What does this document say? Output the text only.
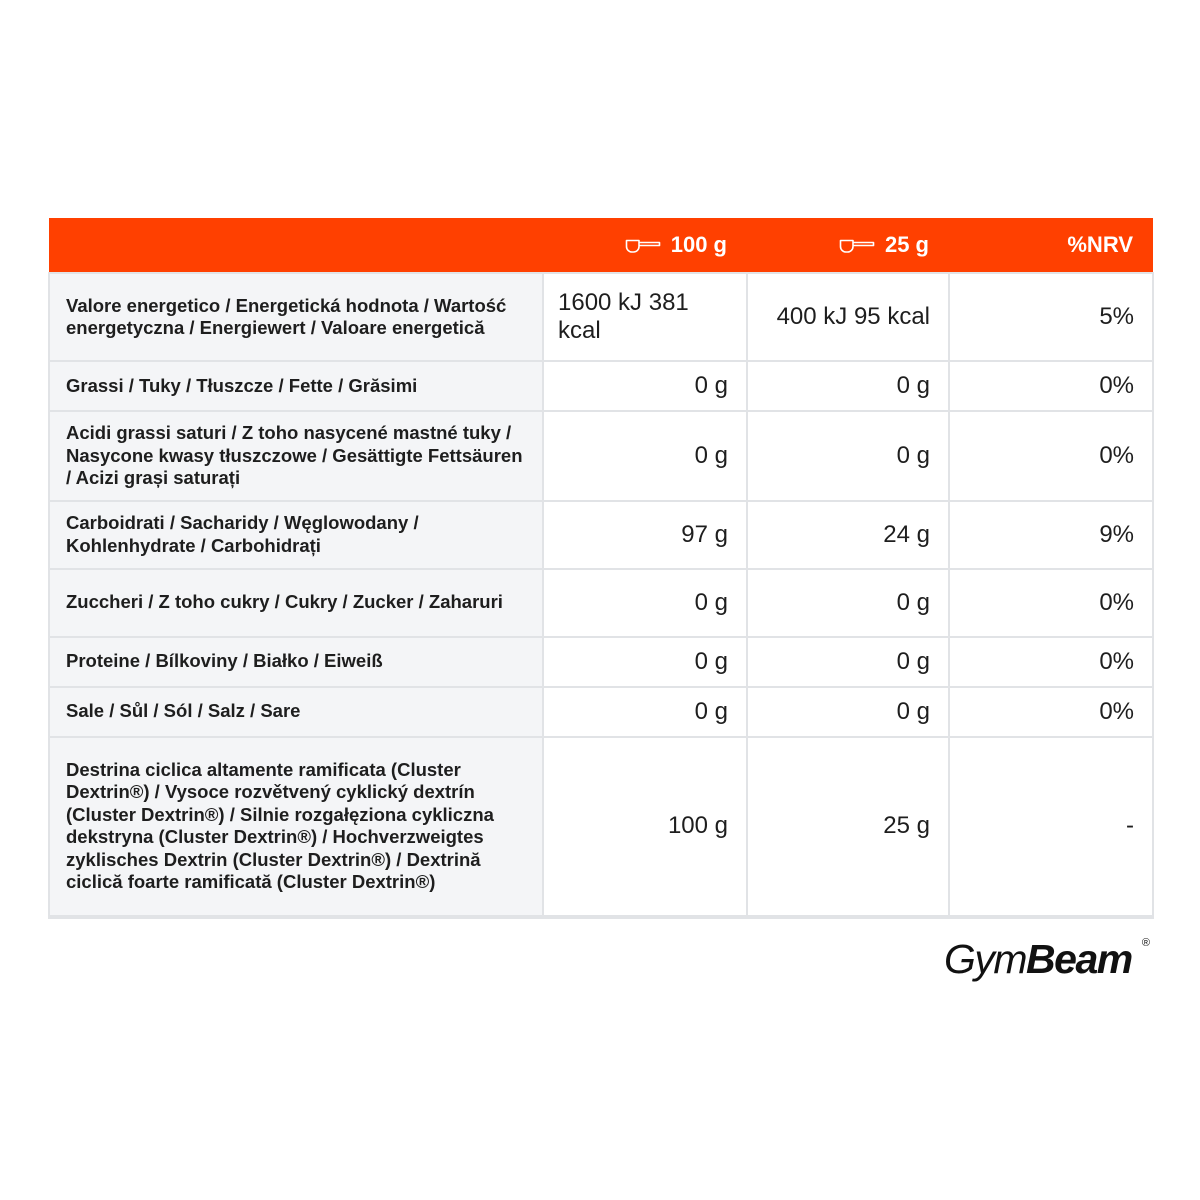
	100 g	25 g	%NRV
Valore energetico / Energetická hodnota / Wartość energetyczna / Energiewert / Valoare energetică	1600 kJ 381 kcal	400 kJ 95 kcal	5%
Grassi / Tuky / Tłuszcze / Fette / Grăsimi	0 g	0 g	0%
Acidi grassi saturi / Z toho nasycené mastné tuky / Nasycone kwasy tłuszczowe / Gesättigte Fettsäuren / Acizi grași saturați	0 g	0 g	0%
Carboidrati / Sacharidy / Węglowodany / Kohlenhydrate / Carbohidrați	97 g	24 g	9%
Zuccheri / Z toho cukry / Cukry / Zucker / Zaharuri	0 g	0 g	0%
Proteine / Bílkoviny / Białko / Eiweiß	0 g	0 g	0%
Sale / Sůl / Sól / Salz / Sare	0 g	0 g	0%
Destrina ciclica altamente ramificata (Cluster Dextrin®) / Vysoce rozvětvený cyklický dextrín (Cluster Dextrin®) / Silnie rozgałęziona cykliczna dekstryna (Cluster Dextrin®) / Hochverzweigtes zyklisches Dextrin (Cluster Dextrin®) / Dextrină ciclică foarte ramificată (Cluster Dextrin®)	100 g	25 g	-
GymBeam ®
